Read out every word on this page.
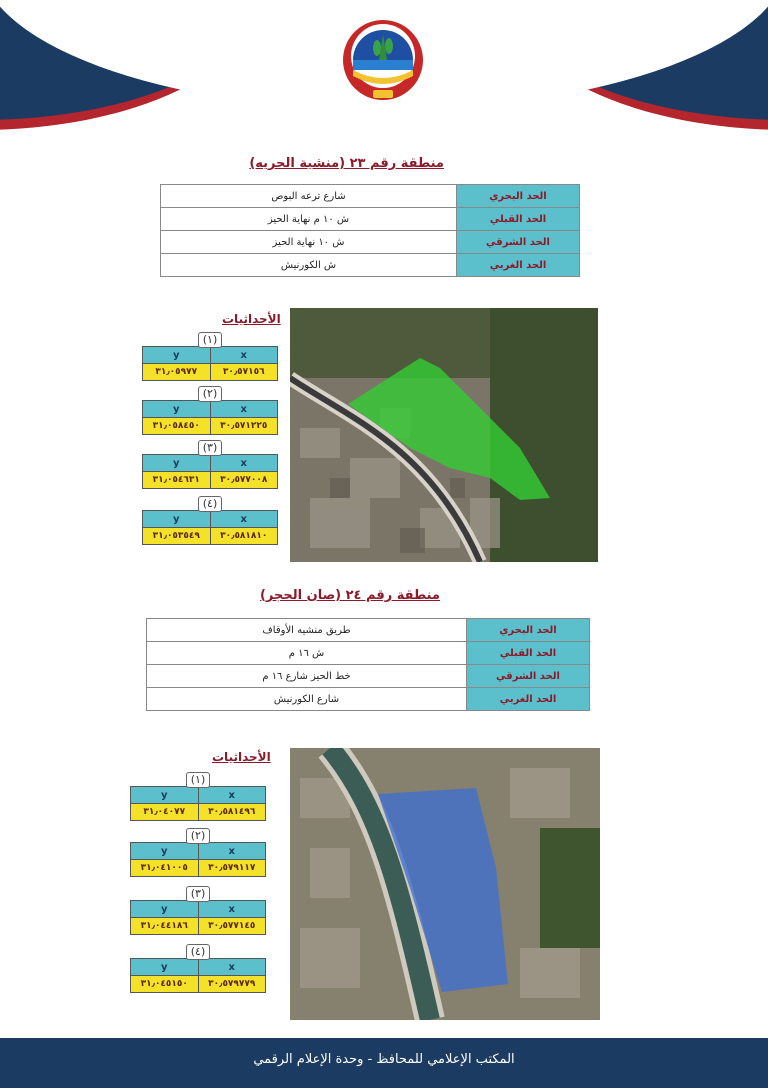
منطقة رقم ٢٣ (منشية الحريه)
الحد البحري	شارع ترعه البوص
الحد القبلي	ش ١٠ م نهاية الحيز
الحد الشرقي	ش ١٠ نهاية الحيز
الحد الغربي	ش الكورنيش
الأحداثيات
(١)
y	x
٣١٫٠٥٩٧٧	٣٠٫٥٧١٥٦
(٢)
y	x
٣١٫٠٥٨٤٥٠	٣٠٫٥٧١٢٢٥
(٣)
y	x
٣١٫٠٥٤٦٣١	٣٠٫٥٧٧٠٠٨
(٤)
y	x
٣١٫٠٥٣٥٤٩	٣٠٫٥٨١٨١٠
منطقة رقم ٢٤ (صان الحجر)
الحد البحري	طريق منشيه الأوقاف
الحد القبلي	ش ١٦ م
الحد الشرقي	خط الحيز شارع ١٦ م
الحد الغربي	شارع الكورنيش
الأحداثيات
(١)
y	x
٣١٫٠٤٠٧٧	٣٠٫٥٨١٤٩٦
(٢)
y	x
٣١٫٠٤١٠٠٥	٣٠٫٥٧٩١١٧
(٣)
y	x
٣١٫٠٤٤١٨٦	٣٠٫٥٧٧١٤٥
(٤)
y	x
٣١٫٠٤٥١٥٠	٣٠٫٥٧٩٧٧٩
المكتب الإعلامي للمحافظ - وحدة الإعلام الرقمي
